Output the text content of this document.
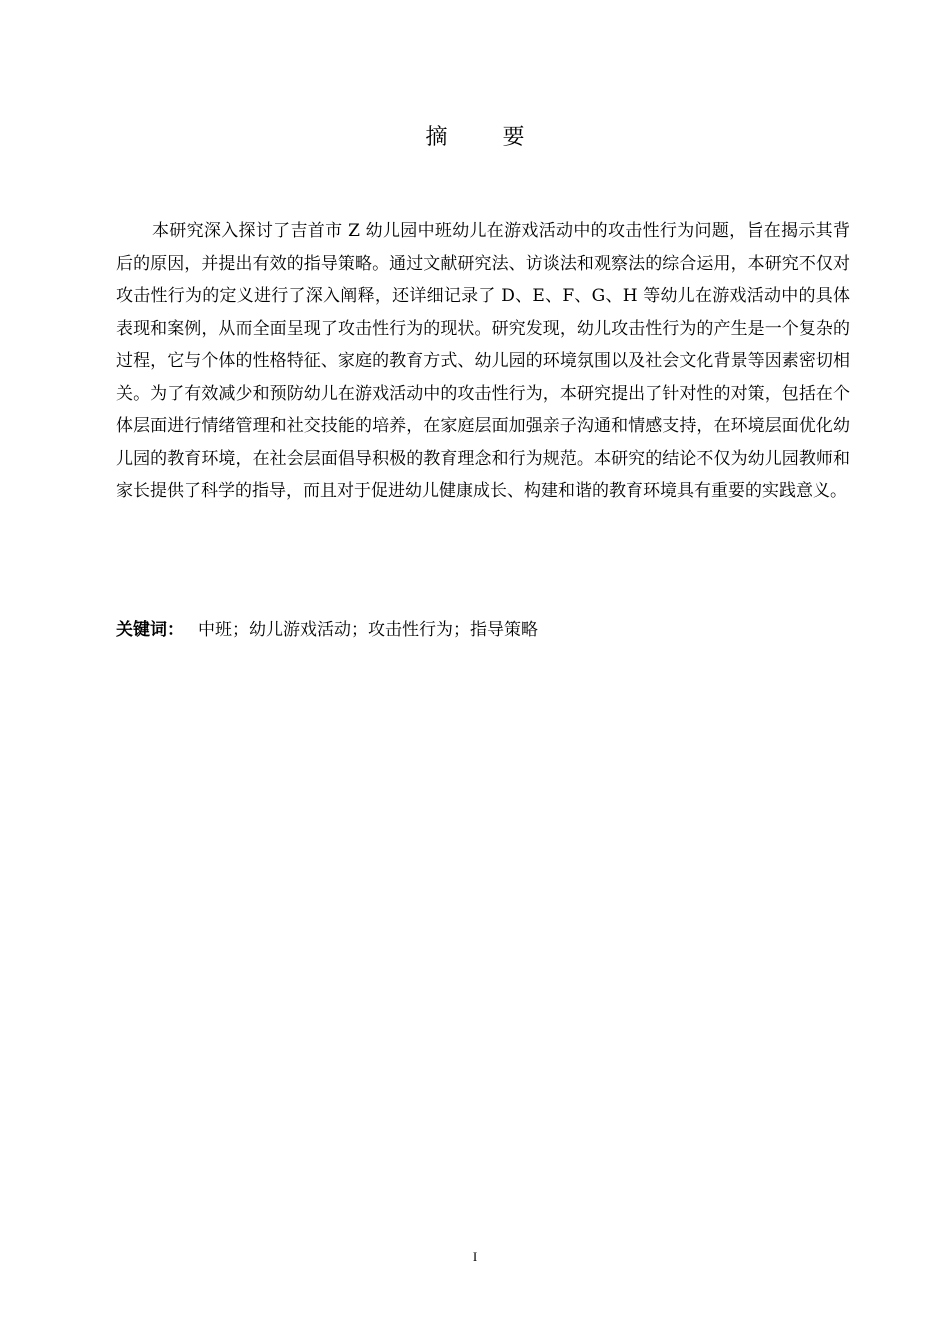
摘 要

本研究深入探讨了吉首市 Z 幼儿园中班幼儿在游戏活动中的攻击性行为问题，旨在揭示其背后的原因，并提出有效的指导策略。通过文献研究法、访谈法和观察法的综合运用，本研究不仅对攻击性行为的定义进行了深入阐释，还详细记录了 D、E、F、G、H 等幼儿在游戏活动中的具体表现和案例，从而全面呈现了攻击性行为的现状。研究发现，幼儿攻击性行为的产生是一个复杂的过程，它与个体的性格特征、家庭的教育方式、幼儿园的环境氛围以及社会文化背景等因素密切相关。为了有效减少和预防幼儿在游戏活动中的攻击性行为，本研究提出了针对性的对策，包括在个体层面进行情绪管理和社交技能的培养，在家庭层面加强亲子沟通和情感支持，在环境层面优化幼儿园的教育环境，在社会层面倡导积极的教育理念和行为规范。本研究的结论不仅为幼儿园教师和家长提供了科学的指导，而且对于促进幼儿健康成长、构建和谐的教育环境具有重要的实践意义。

关键词： 中班；幼儿游戏活动；攻击性行为；指导策略
I
